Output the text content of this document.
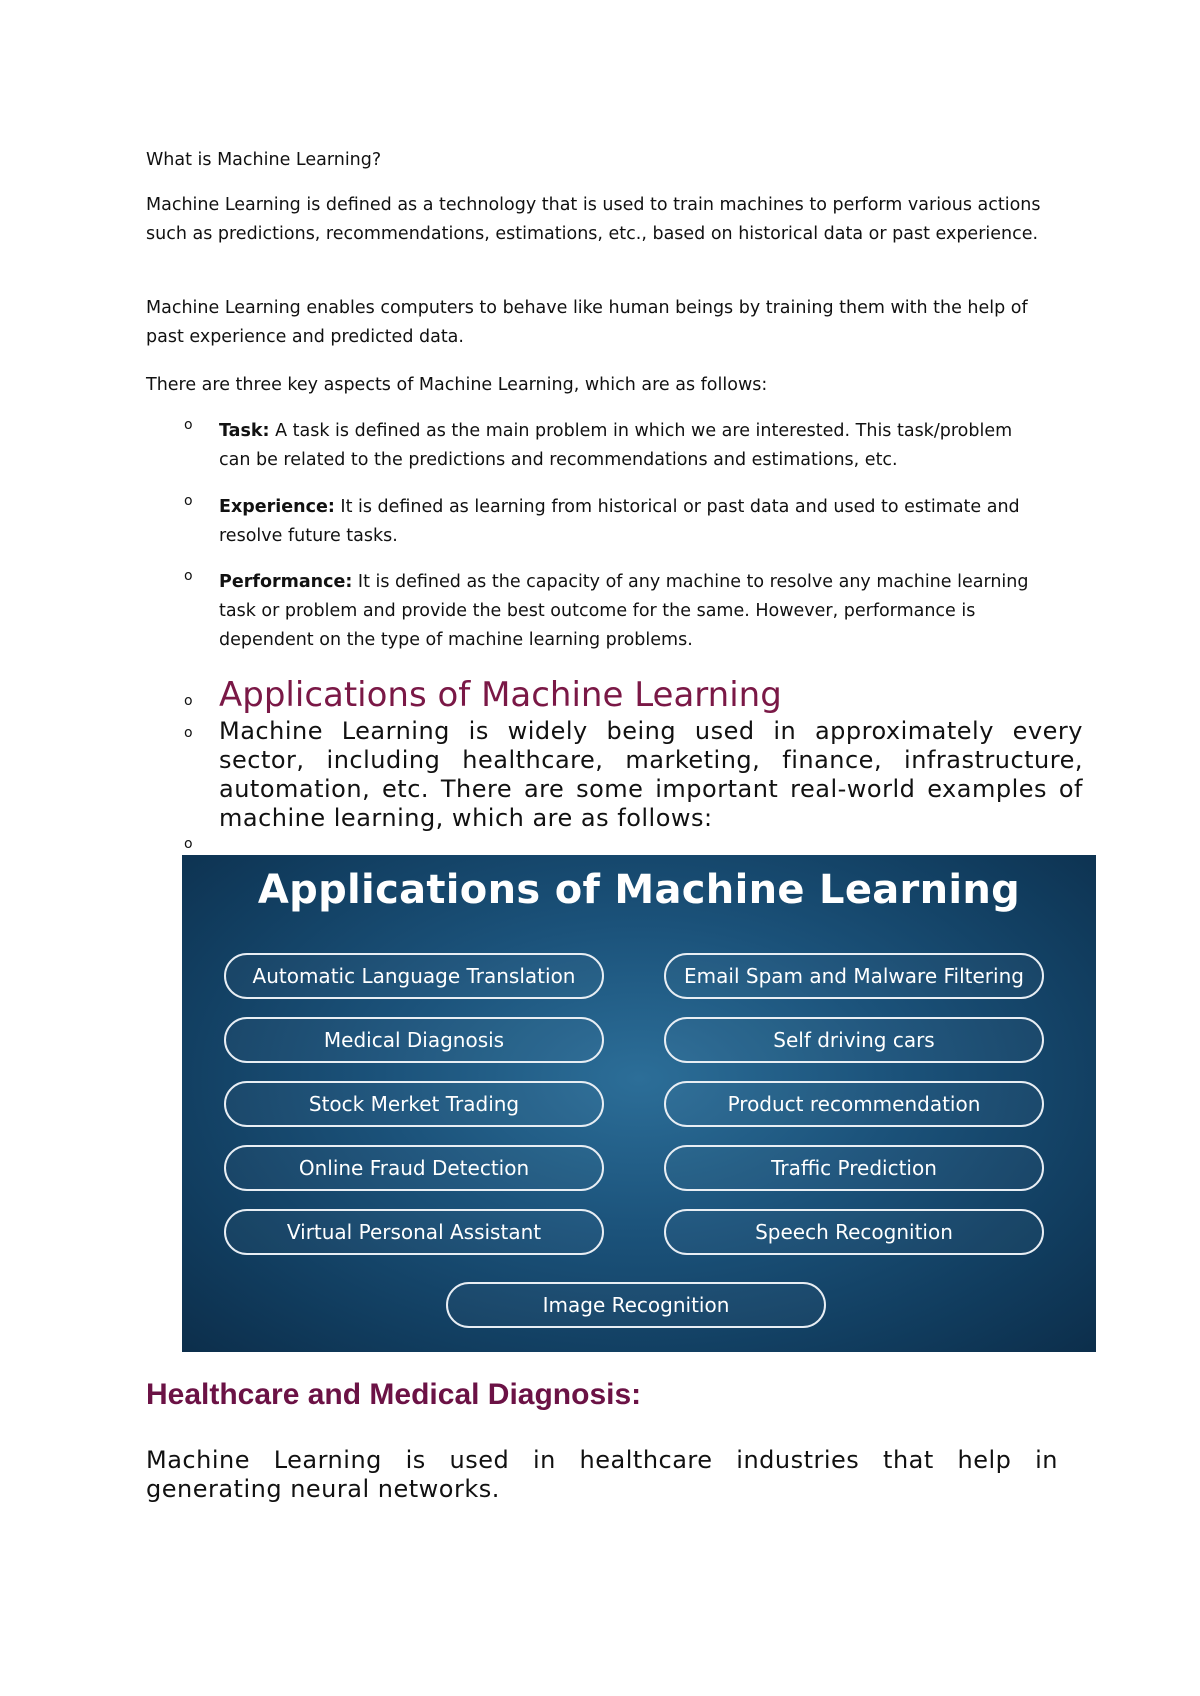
What is Machine Learning?

Machine Learning is defined as a technology that is used to train machines to perform various actions such as predictions, recommendations, estimations, etc., based on historical data or past experience.

Machine Learning enables computers to behave like human beings by training them with the help of past experience and predicted data.

There are three key aspects of Machine Learning, which are as follows:

o Task: A task is defined as the main problem in which we are interested. This task/problem can be related to the predictions and recommendations and estimations, etc.
o Experience: It is defined as learning from historical or past data and used to estimate and resolve future tasks.
o Performance: It is defined as the capacity of any machine to resolve any machine learning task or problem and provide the best outcome for the same. However, performance is dependent on the type of machine learning problems.
o Applications of Machine Learning
o Machine Learning is widely being used in approximately every sector, including healthcare, marketing, finance, infrastructure, automation, etc. There are some important real-world examples of machine learning, which are as follows:
o
Applications of Machine Learning
Automatic Language Translation
Medical Diagnosis
Stock Merket Trading
Online Fraud Detection
Virtual Personal Assistant
Email Spam and Malware Filtering
Self driving cars
Product recommendation
Traffic Prediction
Speech Recognition
Image Recognition
Healthcare and Medical Diagnosis:

Machine Learning is used in healthcare industries that help in generating neural networks.
